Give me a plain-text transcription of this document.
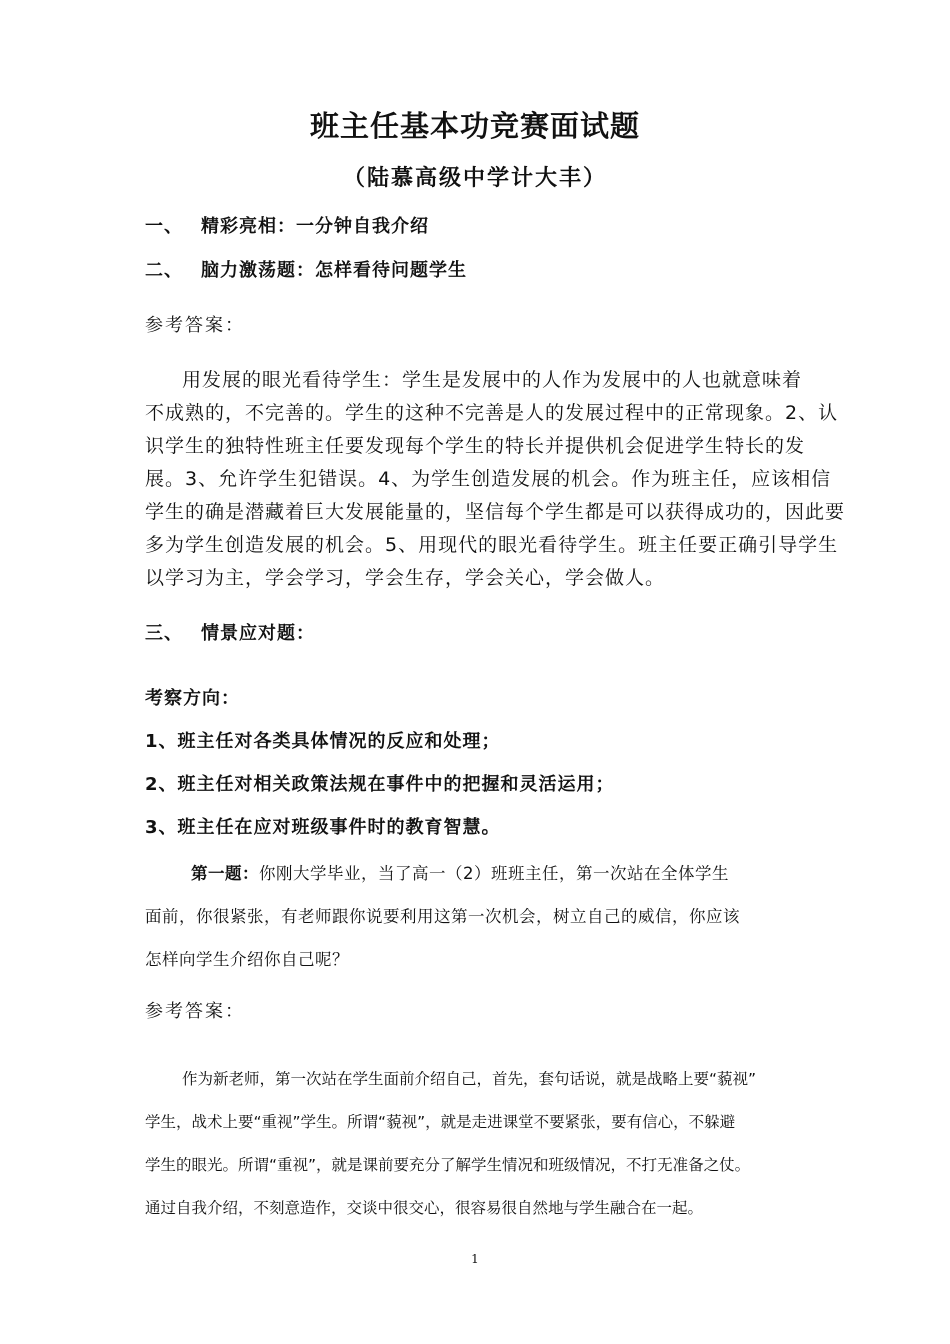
班主任基本功竞赛面试题
（陆慕高级中学计大丰）
一、 精彩亮相：一分钟自我介绍
二、 脑力激荡题：怎样看待问题学生
参考答案：
用发展的眼光看待学生：学生是发展中的人作为发展中的人也就意味着
不成熟的，不完善的。学生的这种不完善是人的发展过程中的正常现象。2、认
识学生的独特性班主任要发现每个学生的特长并提供机会促进学生特长的发
展。3、允许学生犯错误。4、为学生创造发展的机会。作为班主任，应该相信
学生的确是潜藏着巨大发展能量的，坚信每个学生都是可以获得成功的，因此要
多为学生创造发展的机会。5、用现代的眼光看待学生。班主任要正确引导学生
以学习为主，学会学习，学会生存，学会关心，学会做人。
三、 情景应对题：
考察方向：
1、班主任对各类具体情况的反应和处理；
2、班主任对相关政策法规在事件中的把握和灵活运用；
3、班主任在应对班级事件时的教育智慧。
第一题：你刚大学毕业，当了高一（2）班班主任，第一次站在全体学生
面前，你很紧张，有老师跟你说要利用这第一次机会，树立自己的威信，你应该
怎样向学生介绍你自己呢？
参考答案：
作为新老师，第一次站在学生面前介绍自己，首先，套句话说，就是战略上要“藐视”
学生，战术上要“重视”学生。所谓“藐视”，就是走进课堂不要紧张，要有信心，不躲避
学生的眼光。所谓“重视”，就是课前要充分了解学生情况和班级情况，不打无准备之仗。
通过自我介绍，不刻意造作，交谈中很交心，很容易很自然地与学生融合在一起。
1
